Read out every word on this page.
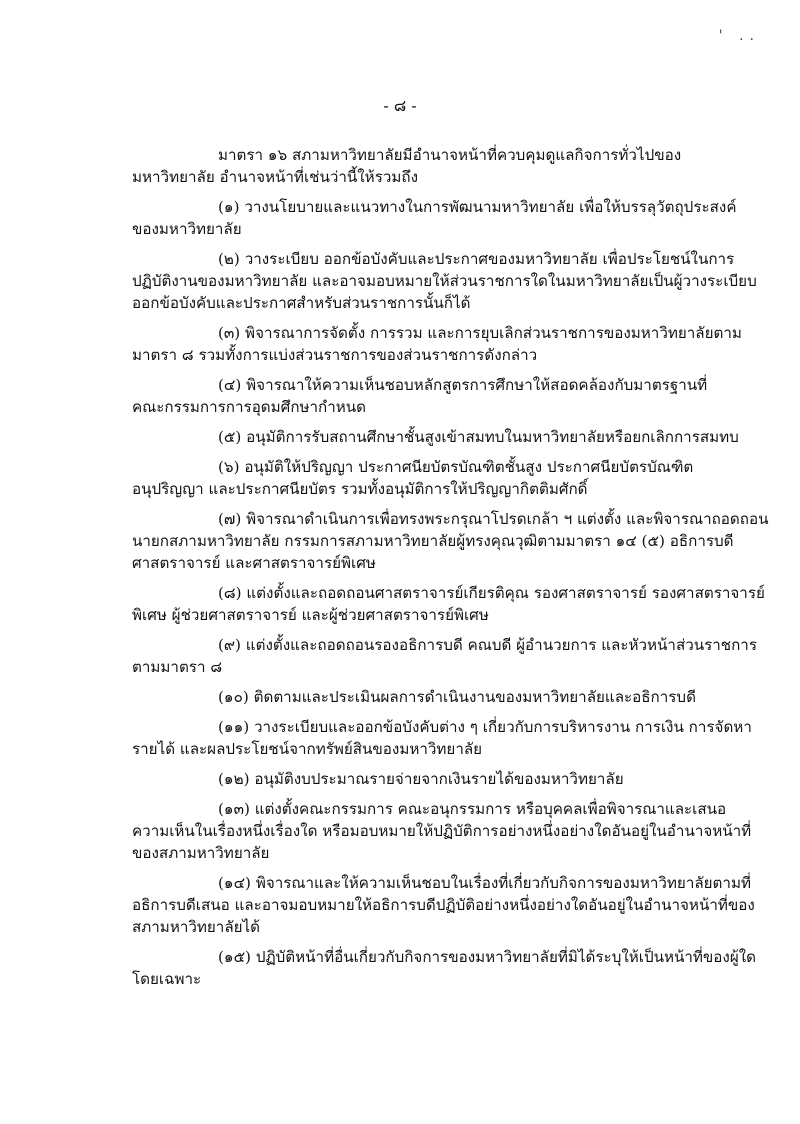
' ..
- ๘ -
มาตรา ๑๖ สภามหาวิทยาลัยมีอำนาจหน้าที่ควบคุมดูแลกิจการทั่วไปของ
มหาวิทยาลัย อำนาจหน้าที่เช่นว่านี้ให้รวมถึง
(๑) วางนโยบายและแนวทางในการพัฒนามหาวิทยาลัย เพื่อให้บรรลุวัตถุประสงค์
ของมหาวิทยาลัย
(๒) วางระเบียบ ออกข้อบังคับและประกาศของมหาวิทยาลัย เพื่อประโยชน์ในการ
ปฏิบัติงานของมหาวิทยาลัย และอาจมอบหมายให้ส่วนราชการใดในมหาวิทยาลัยเป็นผู้วางระเบียบ
ออกข้อบังคับและประกาศสำหรับส่วนราชการนั้นก็ได้
(๓) พิจารณาการจัดตั้ง การรวม และการยุบเลิกส่วนราชการของมหาวิทยาลัยตาม
มาตรา ๘ รวมทั้งการแบ่งส่วนราชการของส่วนราชการดังกล่าว
(๔) พิจารณาให้ความเห็นชอบหลักสูตรการศึกษาให้สอดคล้องกับมาตรฐานที่
คณะกรรมการการอุดมศึกษากำหนด
(๕) อนุมัติการรับสถานศึกษาชั้นสูงเข้าสมทบในมหาวิทยาลัยหรือยกเลิกการสมทบ
(๖) อนุมัติให้ปริญญา ประกาศนียบัตรบัณฑิตชั้นสูง ประกาศนียบัตรบัณฑิต
อนุปริญญา และประกาศนียบัตร รวมทั้งอนุมัติการให้ปริญญากิตติมศักดิ์
(๗) พิจารณาดำเนินการเพื่อทรงพระกรุณาโปรดเกล้า ฯ แต่งตั้ง และพิจารณาถอดถอน
นายกสภามหาวิทยาลัย กรรมการสภามหาวิทยาลัยผู้ทรงคุณวุฒิตามมาตรา ๑๔ (๕) อธิการบดี
ศาสตราจารย์ และศาสตราจารย์พิเศษ
(๘) แต่งตั้งและถอดถอนศาสตราจารย์เกียรติคุณ รองศาสตราจารย์ รองศาสตราจารย์
พิเศษ ผู้ช่วยศาสตราจารย์ และผู้ช่วยศาสตราจารย์พิเศษ
(๙) แต่งตั้งและถอดถอนรองอธิการบดี คณบดี ผู้อำนวยการ และหัวหน้าส่วนราชการ
ตามมาตรา ๘
(๑๐) ติดตามและประเมินผลการดำเนินงานของมหาวิทยาลัยและอธิการบดี
(๑๑) วางระเบียบและออกข้อบังคับต่าง ๆ เกี่ยวกับการบริหารงาน การเงิน การจัดหา
รายได้ และผลประโยชน์จากทรัพย์สินของมหาวิทยาลัย
(๑๒) อนุมัติงบประมาณรายจ่ายจากเงินรายได้ของมหาวิทยาลัย
(๑๓) แต่งตั้งคณะกรรมการ คณะอนุกรรมการ หรือบุคคลเพื่อพิจารณาและเสนอ
ความเห็นในเรื่องหนึ่งเรื่องใด หรือมอบหมายให้ปฏิบัติการอย่างหนึ่งอย่างใดอันอยู่ในอำนาจหน้าที่
ของสภามหาวิทยาลัย
(๑๔) พิจารณาและให้ความเห็นชอบในเรื่องที่เกี่ยวกับกิจการของมหาวิทยาลัยตามที่
อธิการบดีเสนอ และอาจมอบหมายให้อธิการบดีปฏิบัติอย่างหนึ่งอย่างใดอันอยู่ในอำนาจหน้าที่ของ
สภามหาวิทยาลัยได้
(๑๕) ปฏิบัติหน้าที่อื่นเกี่ยวกับกิจการของมหาวิทยาลัยที่มิได้ระบุให้เป็นหน้าที่ของผู้ใด
โดยเฉพาะ
